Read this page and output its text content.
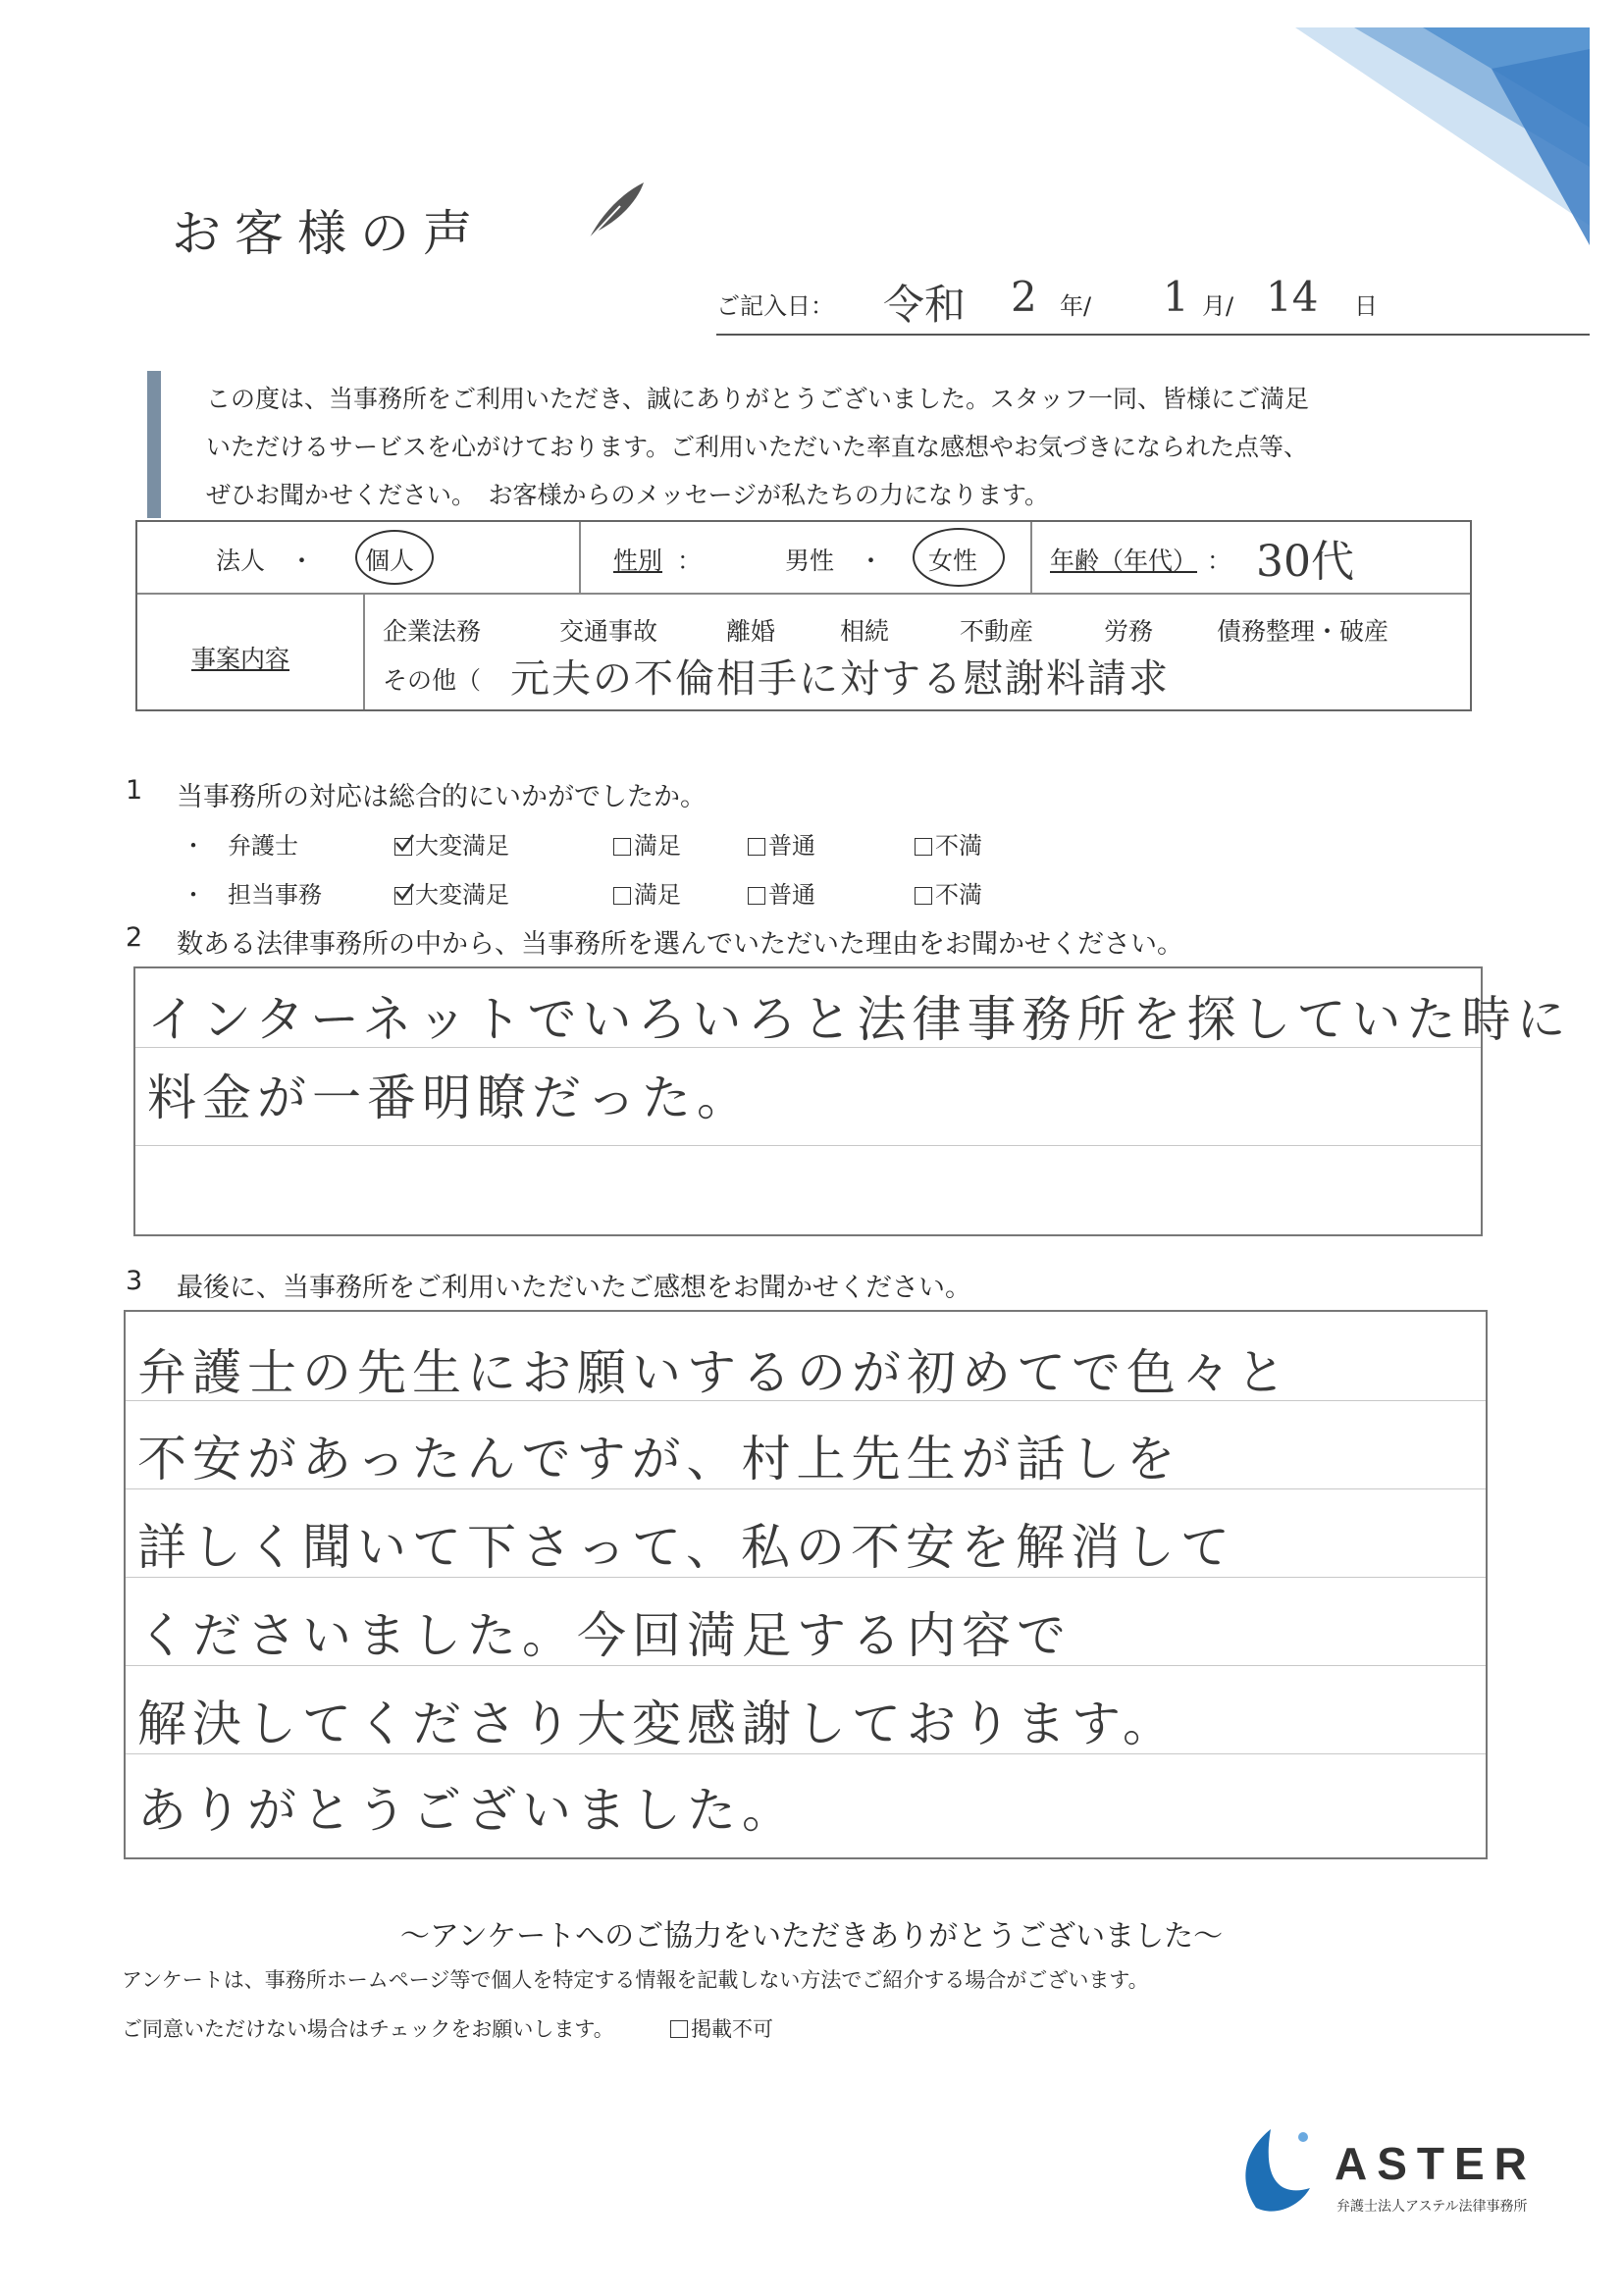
お客様の声
ご記入日： 令和 2 年/ 1 月/ 14 日
この度は、当事務所をご利用いただき、誠にありがとうございました。スタッフ一同、皆様にご満足
いただけるサービスを心がけております。ご利用いただいた率直な感想やお気づきになられた点等、
ぜひお聞かせください。　お客様からのメッセージが私たちの力になります。
法人　・ 個人	性別 ：	男性　・ 女性	年齢（年代） ： 30代
事案内容
企業法務	交通事故	離婚	相続	不動産	労務	債務整理・破産
その他（ 元夫の不倫相手に対する慰謝料請求
1 当事務所の対応は総合的にいかがでしたか。
・ 弁護士	大変満足	満足	普通	不満
・ 担当事務	大変満足	満足	普通	不満
2 数ある法律事務所の中から、当事務所を選んでいただいた理由をお聞かせください。
インターネットでいろいろと法律事務所を探していた時に
料金が一番明瞭だった。
3 最後に、当事務所をご利用いただいたご感想をお聞かせください。
弁護士の先生にお願いするのが初めてで色々と
不安があったんですが、村上先生が話しを
詳しく聞いて下さって、私の不安を解消して
くださいました。今回満足する内容で
解決してくださり大変感謝しております。
ありがとうございました。
〜アンケートへのご協力をいただきありがとうございました〜
アンケートは、事務所ホームページ等で個人を特定する情報を記載しない方法でご紹介する場合がございます。
ご同意いただけない場合はチェックをお願いします。	掲載不可
ASTER
弁護士法人アステル法律事務所
